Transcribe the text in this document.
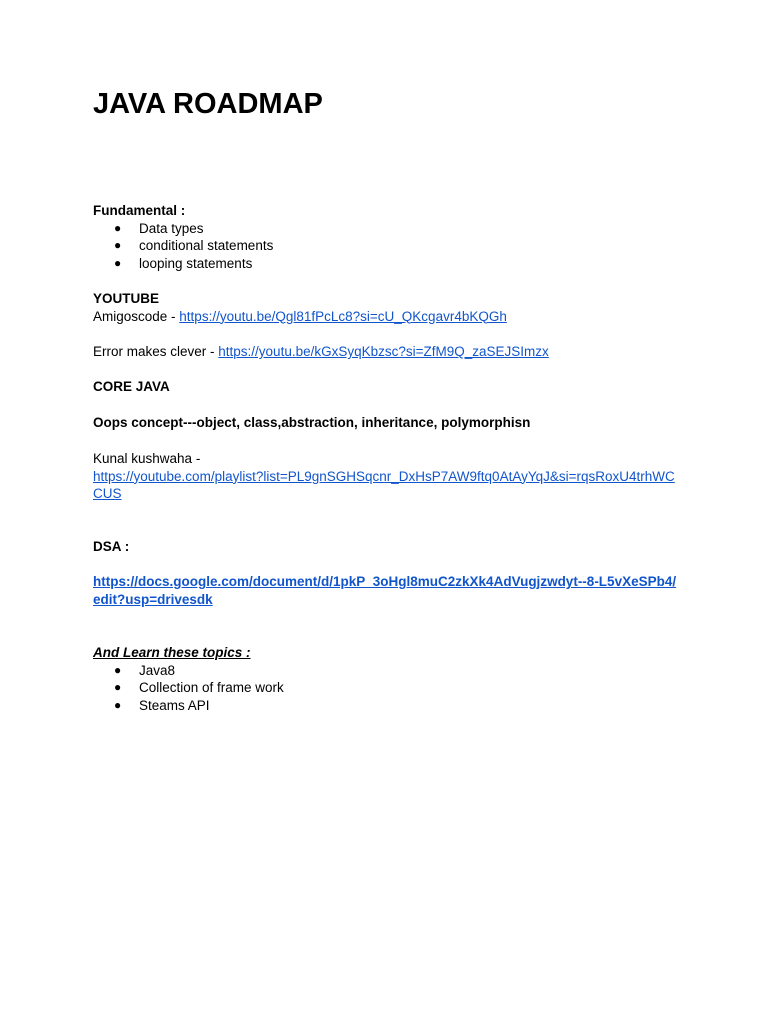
JAVA ROADMAP
Fundamental :
● Data types
● conditional statements
● looping statements
YOUTUBE
Amigoscode - https://youtu.be/Qgl81fPcLc8?si=cU_QKcgavr4bKQGh
Error makes clever - https://youtu.be/kGxSyqKbzsc?si=ZfM9Q_zaSEJSImzx
CORE JAVA
Oops concept---object, class,abstraction, inheritance, polymorphisn
Kunal kushwaha -
https://youtube.com/playlist?list=PL9gnSGHSqcnr_DxHsP7AW9ftq0AtAyYqJ&si=rqsRoxU4trhWCCUS
DSA :
https://docs.google.com/document/d/1pkP_3oHgl8muC2zkXk4AdVugjzwdyt--8-L5vXeSPb4/edit?usp=drivesdk
And Learn these topics :
● Java8
● Collection of frame work
● Steams API
